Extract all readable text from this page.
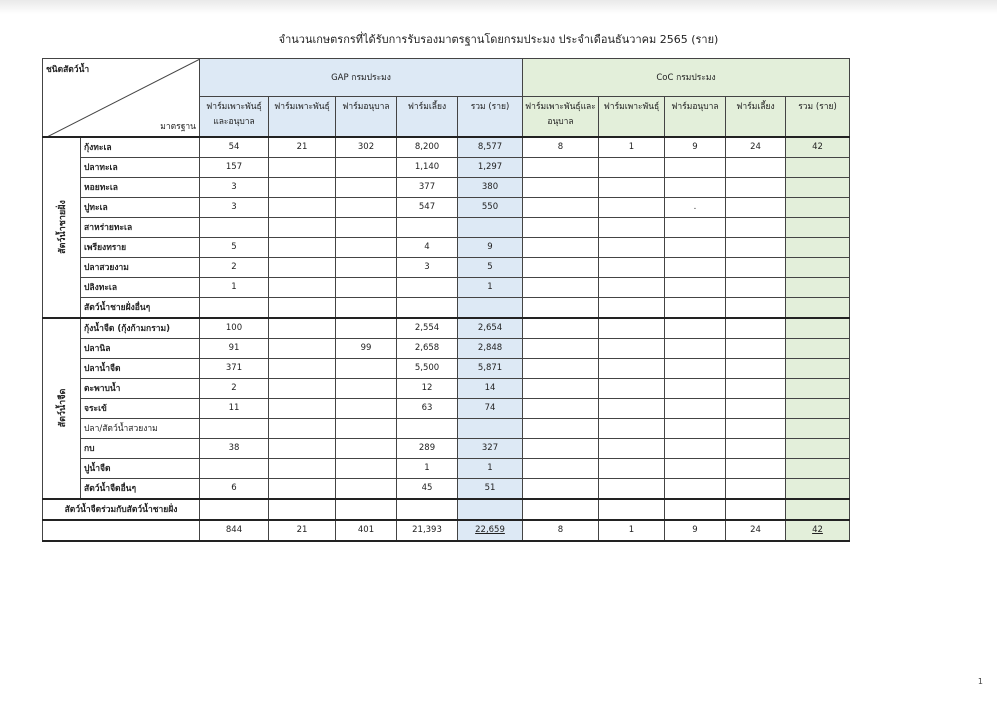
จำนวนเกษตรกรที่ได้รับการรับรองมาตรฐานโดยกรมประมง ประจำเดือนธันวาคม 2565 (ราย)
ชนิดสัตว์น้ำ
มาตรฐาน		GAP กรมประมง					CoC กรมประมง				
		ฟาร์มเพาะพันธุ์และอนุบาล	ฟาร์มเพาะพันธุ์	ฟาร์มอนุบาล	ฟาร์มเลี้ยง	รวม (ราย)	ฟาร์มเพาะพันธุ์และอนุบาล	ฟาร์มเพาะพันธุ์	ฟาร์มอนุบาล	ฟาร์มเลี้ยง	รวม (ราย)

สัตว์น้ำชายฝั่ง	กุ้งทะเล	54	21	302	8,200	8,577	8	1	9	24	42
	ปลาทะเล	157			1,140	1,297					
	หอยทะเล	3			377	380					
	ปูทะเล	3			547	550			.		
	สาหร่ายทะเล										
	เพรียงทราย	5			4	9					
	ปลาสวยงาม	2			3	5					
	ปลิงทะเล	1				1					
	สัตว์น้ำชายฝั่งอื่นๆ										

สัตว์น้ำจืด	กุ้งน้ำจืด (กุ้งก้ามกราม)	100			2,554	2,654					
	ปลานิล	91		99	2,658	2,848					
	ปลาน้ำจืด	371			5,500	5,871					
	ตะพาบน้ำ	2			12	14					
	จระเข้	11			63	74					
	ปลา/สัตว์น้ำสวยงาม										
	กบ	38			289	327					
	ปูน้ำจืด				1	1					
	สัตว์น้ำจืดอื่นๆ	6			45	51					
สัตว์น้ำจืดร่วมกับสัตว์น้ำชายฝั่ง											
		844	21	401	21,393	22,659	8	1	9	24	42
1
